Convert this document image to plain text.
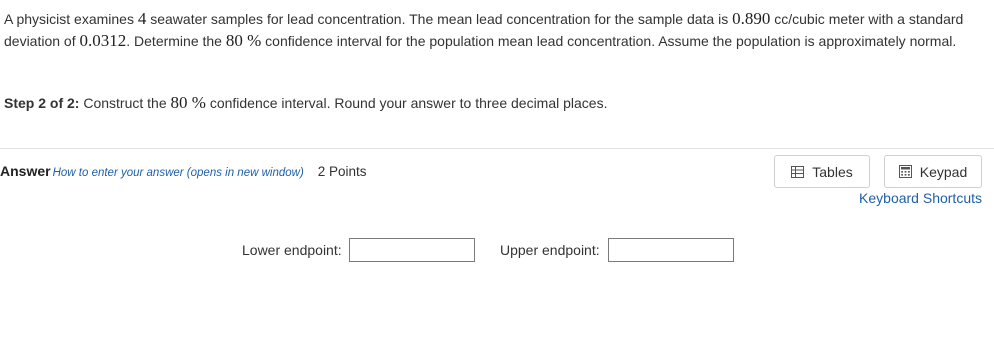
A physicist examines 4 seawater samples for lead concentration. The mean lead concentration for the sample data is 0.890 cc/cubic meter with a standard deviation of 0.0312. Determine the 80 % confidence interval for the population mean lead concentration. Assume the population is approximately normal.
Step 2 of 2: Construct the 80 % confidence interval. Round your answer to three decimal places.
Answer How to enter your answer (opens in new window) 2 Points	Tables	Keypad
Keyboard Shortcuts
Lower endpoint:	Upper endpoint:
